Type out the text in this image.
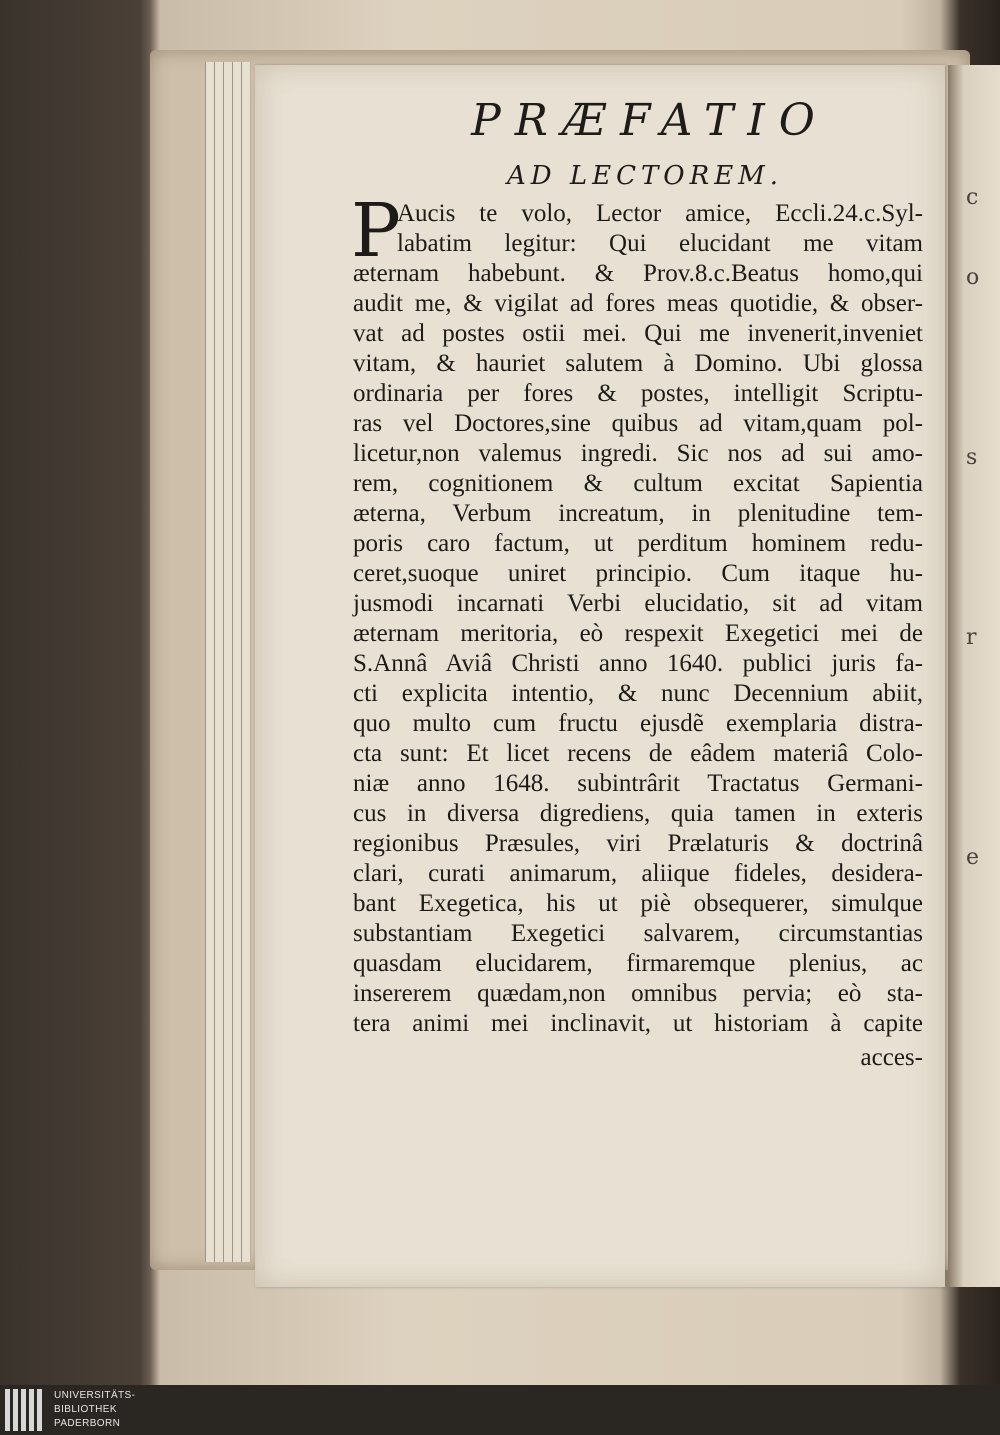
c
o
s
r
e
PRÆFATIO
AD LECTOREM.
P
Aucis te volo, Lector amice, Eccli.24.c.Syl-
labatim legitur: Qui elucidant me vitam
æternam habebunt. & Prov.8.c.Beatus homo,qui
audit me, & vigilat ad fores meas quotidie, & obser-
vat ad postes ostii mei. Qui me invenerit,inveniet
vitam, & hauriet salutem à Domino. Ubi glossa
ordinaria per fores & postes, intelligit Scriptu-
ras vel Doctores,sine quibus ad vitam,quam pol-
licetur,non valemus ingredi. Sic nos ad sui amo-
rem, cognitionem & cultum excitat Sapientia
æterna, Verbum increatum, in plenitudine tem-
poris caro factum, ut perditum hominem redu-
ceret,suoque uniret principio. Cum itaque hu-
jusmodi incarnati Verbi elucidatio, sit ad vitam
æternam meritoria, eò respexit Exegetici mei de
S.Annâ Aviâ Christi anno 1640. publici juris fa-
cti explicita intentio, & nunc Decennium abiit,
quo multo cum fructu ejusdẽ exemplaria distra-
cta sunt: Et licet recens de eâdem materiâ Colo-
niæ anno 1648. subintrârit Tractatus Germani-
cus in diversa digrediens, quia tamen in exteris
regionibus Præsules, viri Prælaturis & doctrinâ
clari, curati animarum, aliique fideles, desidera-
bant Exegetica, his ut piè obsequerer, simulque
substantiam Exegetici salvarem, circumstantias
quasdam elucidarem, firmaremque plenius, ac
insererem quædam,non omnibus pervia; eò sta-
tera animi mei inclinavit, ut historiam à capite
acces-
UNIVERSITÄTS-
BIBLIOTHEK
PADERBORN
